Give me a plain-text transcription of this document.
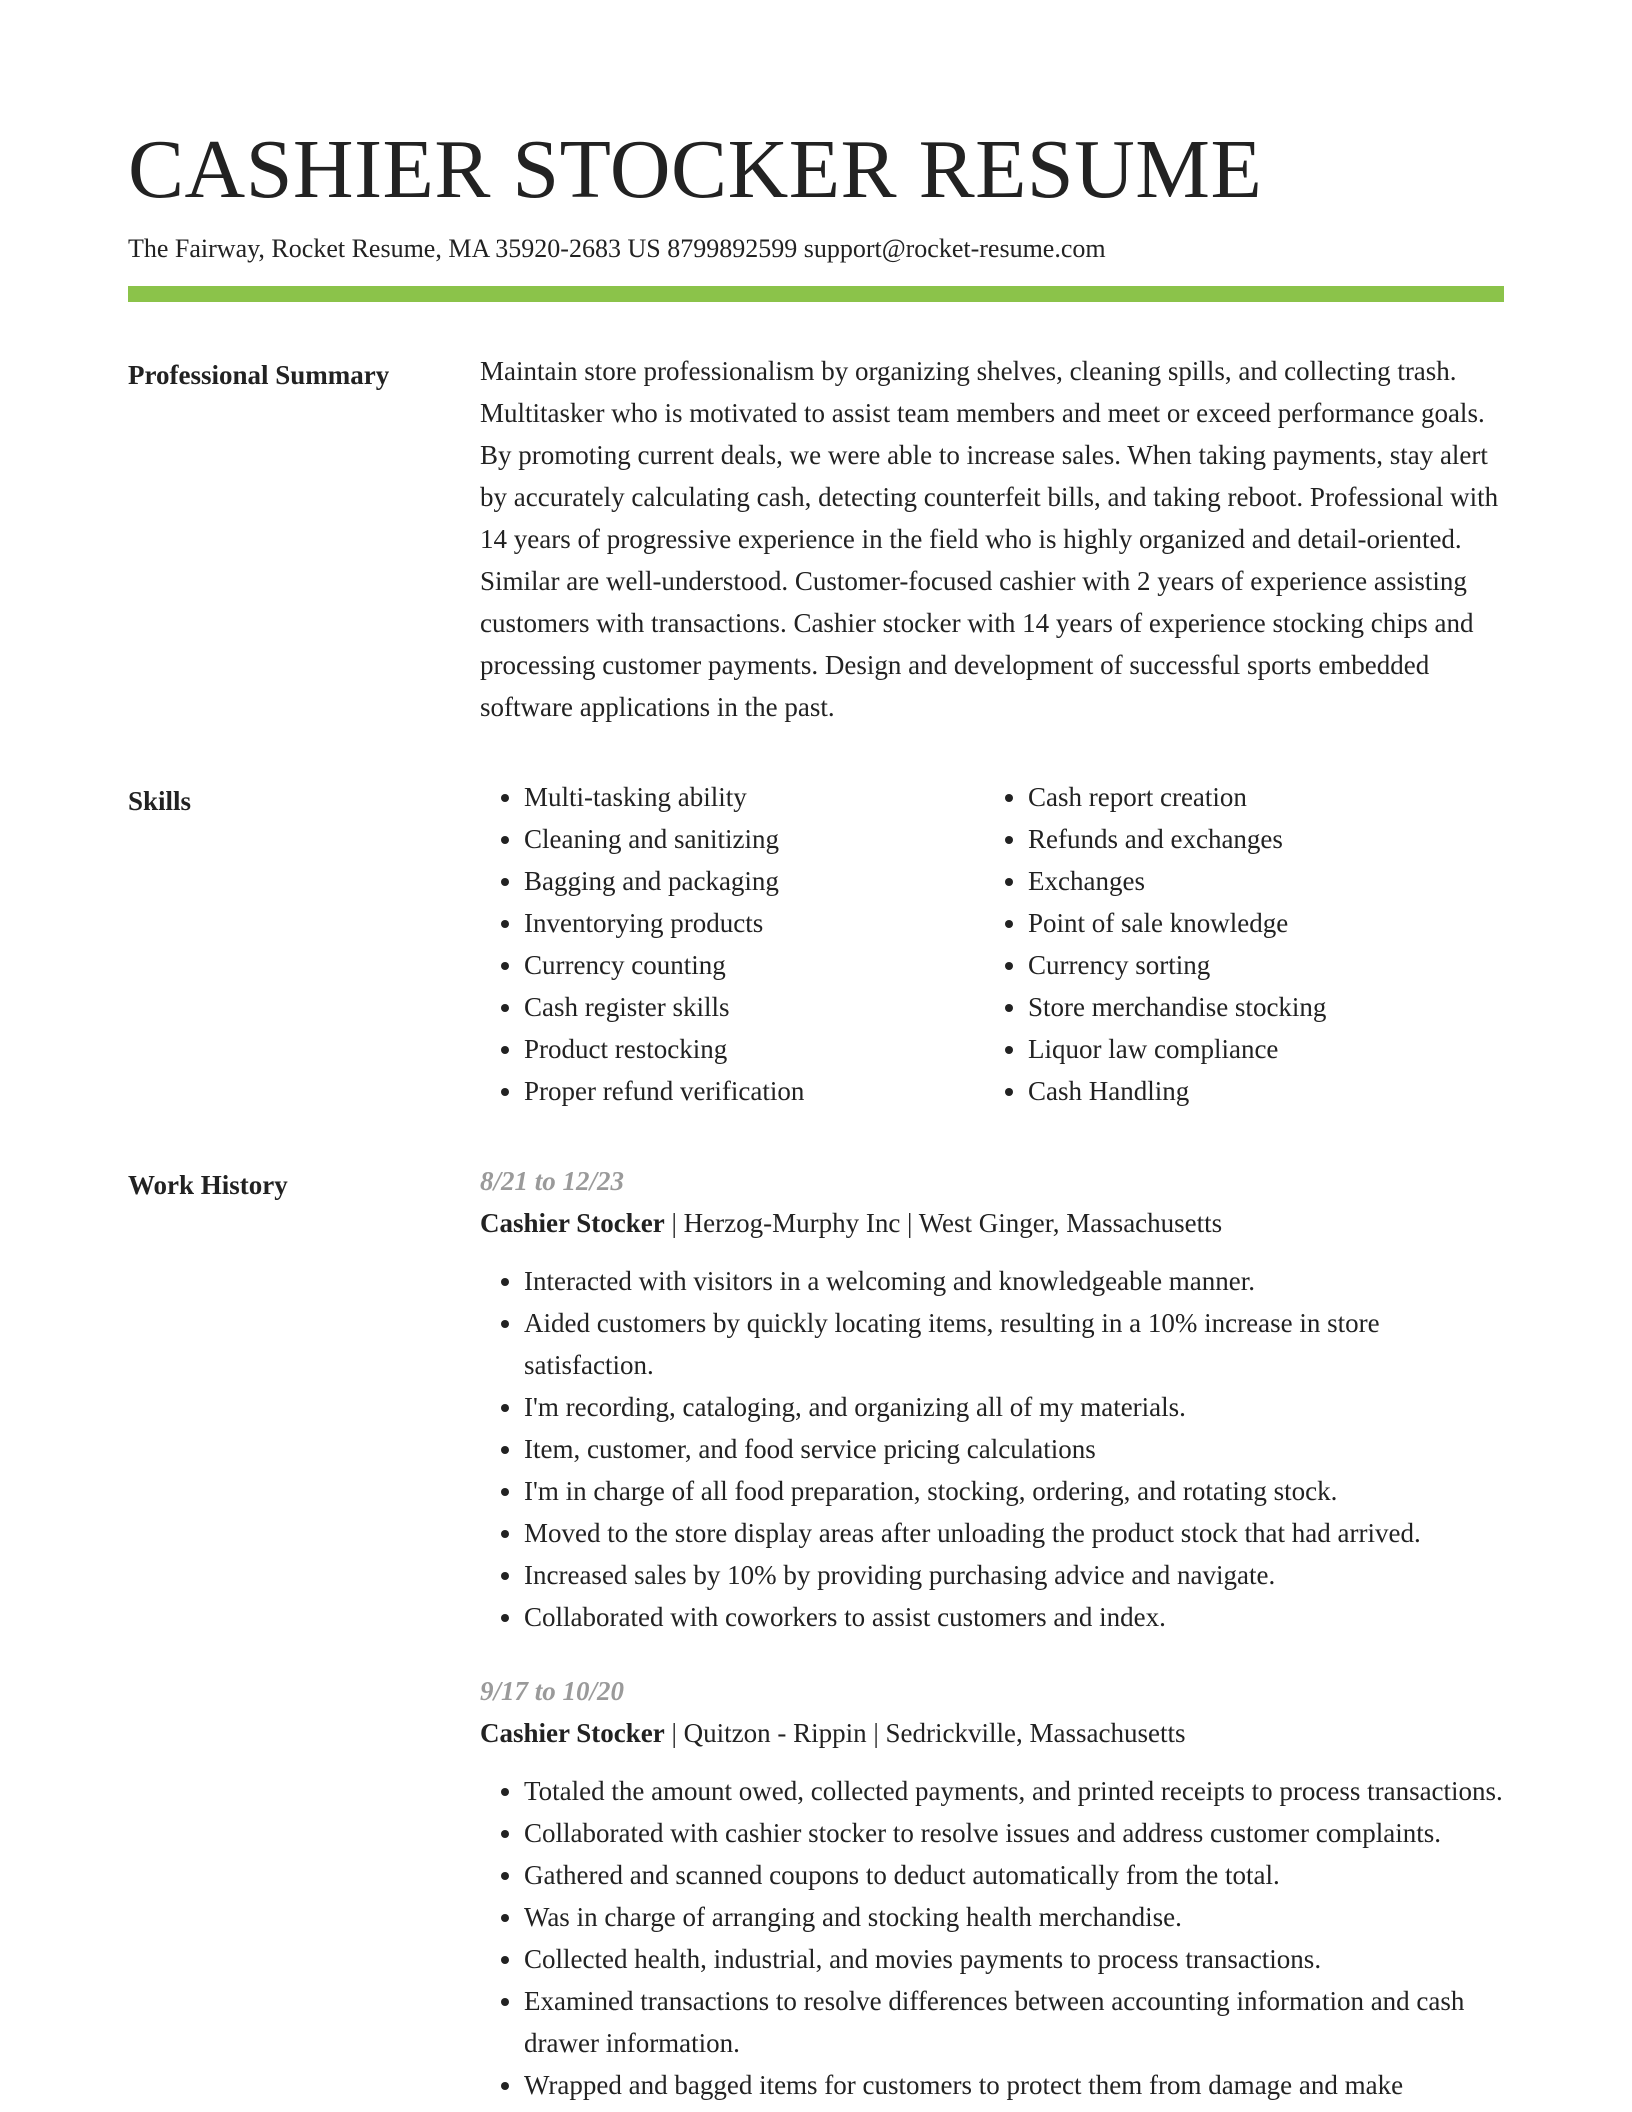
CASHIER STOCKER RESUME
The Fairway, Rocket Resume, MA 35920-2683 US 8799892599 support@rocket-resume.com
Professional Summary	Maintain store professionalism by organizing shelves, cleaning spills, and collecting trash. Multitasker who is motivated to assist team members and meet or exceed performance goals. By promoting current deals, we were able to increase sales. When taking payments, stay alert by accurately calculating cash, detecting counterfeit bills, and taking reboot. Professional with 14 years of progressive experience in the field who is highly organized and detail-oriented. Similar are well-understood. Customer-focused cashier with 2 years of experience assisting customers with transactions. Cashier stocker with 14 years of experience stocking chips and processing customer payments. Design and development of successful sports embedded software applications in the past.

Skills
•	Multi-tasking ability
• Cleaning and sanitizing
• Bagging and packaging
• Inventorying products
• Currency counting
• Cash register skills
• Product restocking
• Proper refund verification
• Cash report creation
• Refunds and exchanges
• Exchanges
• Point of sale knowledge
• Currency sorting
• Store merchandise stocking
• Liquor law compliance
• Cash Handling
Work History	8/21 to 12/23
Cashier Stocker | Herzog-Murphy Inc | West Ginger, Massachusetts
• Interacted with visitors in a welcoming and knowledgeable manner.
• Aided customers by quickly locating items, resulting in a 10% increase in store satisfaction.
• I'm recording, cataloging, and organizing all of my materials.
• Item, customer, and food service pricing calculations
• I'm in charge of all food preparation, stocking, ordering, and rotating stock.
• Moved to the store display areas after unloading the product stock that had arrived.
• Increased sales by 10% by providing purchasing advice and navigate.
• Collaborated with coworkers to assist customers and index.
9/17 to 10/20
Cashier Stocker | Quitzon - Rippin | Sedrickville, Massachusetts
• Totaled the amount owed, collected payments, and printed receipts to process transactions.
• Collaborated with cashier stocker to resolve issues and address customer complaints.
• Gathered and scanned coupons to deduct automatically from the total.
• Was in charge of arranging and stocking health merchandise.
• Collected health, industrial, and movies payments to process transactions.
• Examined transactions to resolve differences between accounting information and cash drawer information.
• Wrapped and bagged items for customers to protect them from damage and make
